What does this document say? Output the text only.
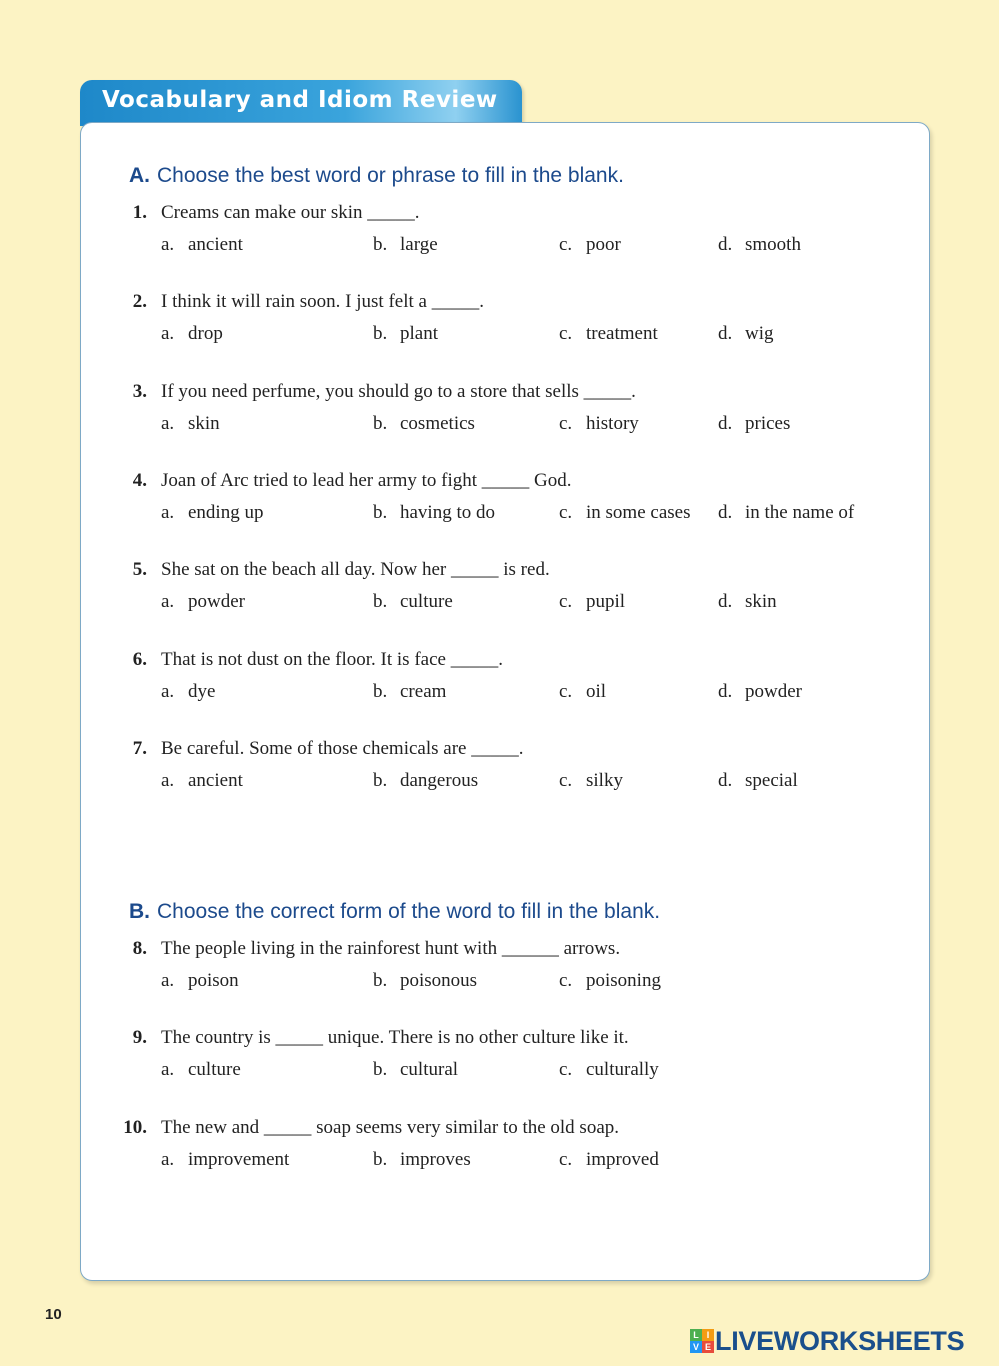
Vocabulary and Idiom Review
A. Choose the best word or phrase to fill in the blank.
1. Creams can make our skin _____.
a. ancient	b. large	c. poor	d. smooth
2. I think it will rain soon. I just felt a _____.
a. drop	b. plant	c. treatment	d. wig
3. If you need perfume, you should go to a store that sells _____.
a. skin	b. cosmetics	c. history	d. prices
4. Joan of Arc tried to lead her army to fight _____ God.
a. ending up	b. having to do	c. in some cases d. in the name of
5. She sat on the beach all day. Now her _____ is red.
a. powder	b. culture	c. pupil	d. skin
6. That is not dust on the floor. It is face _____.
a. dye	b. cream	c. oil	d. powder
7. Be careful. Some of those chemicals are _____.
a. ancient	b. dangerous	c. silky	d. special
B. Choose the correct form of the word to fill in the blank.
8. The people living in the rainforest hunt with ______ arrows.
a. poison	b. poisonous	c. poisoning
9. The country is _____ unique. There is no other culture like it.
a. culture	b. cultural	c. culturally
10. The new and _____ soap seems very similar to the old soap.
a. improvement	b. improves	c. improved
10
L I
V E LIVEWORKSHEETS
